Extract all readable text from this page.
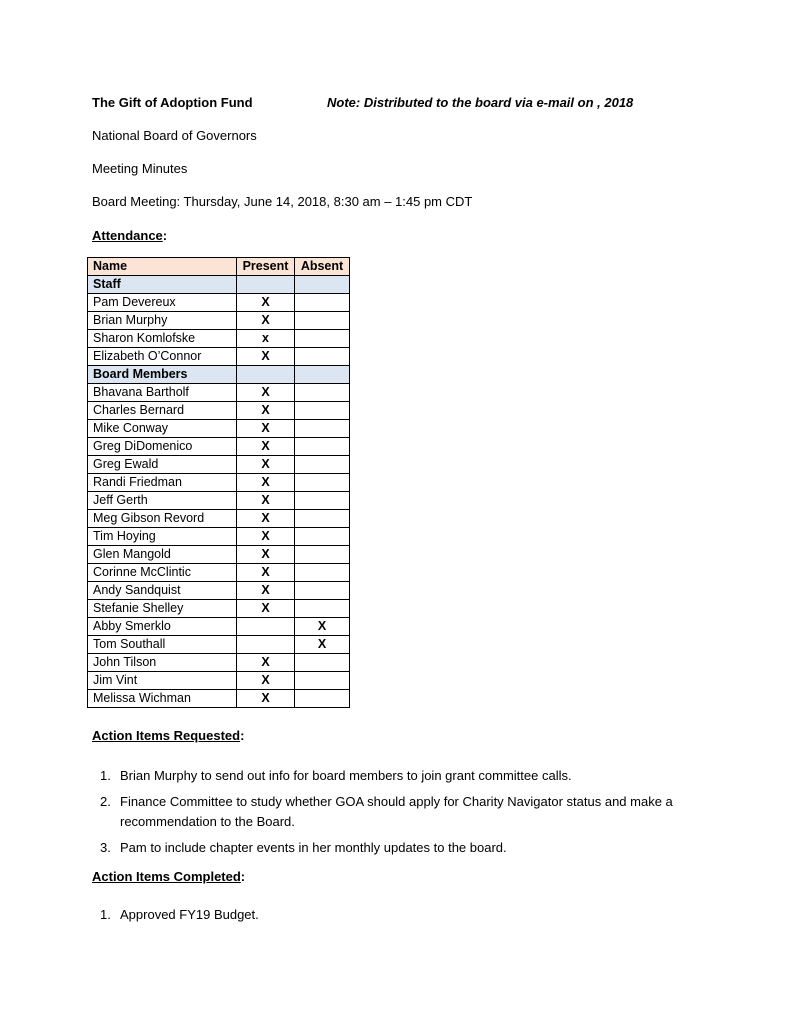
The Gift of Adoption Fund	Note: Distributed to the board via e-mail on , 2018
National Board of Governors
Meeting Minutes
Board Meeting: Thursday, June 14, 2018, 8:30 am – 1:45 pm CDT
Attendance:
Name	Present	Absent
Staff		
Pam Devereux	X	
Brian Murphy	X	
Sharon Komlofske	x	
Elizabeth O’Connor	X	
Board Members		
Bhavana Bartholf	X	
Charles Bernard	X	
Mike Conway	X	
Greg DiDomenico	X	
Greg Ewald	X	
Randi Friedman	X	
Jeff Gerth	X	
Meg Gibson Revord	X	
Tim Hoying	X	
Glen Mangold	X	
Corinne McClintic	X	
Andy Sandquist	X	
Stefanie Shelley	X	
Abby Smerklo		X
Tom Southall		X
John Tilson	X	
Jim Vint	X	
Melissa Wichman	X	
Action Items Requested:
1. Brian Murphy to send out info for board members to join grant committee calls.
2. Finance Committee to study whether GOA should apply for Charity Navigator status and make a recommendation to the Board.
3. Pam to include chapter events in her monthly updates to the board.
Action Items Completed:
1. Approved FY19 Budget.
